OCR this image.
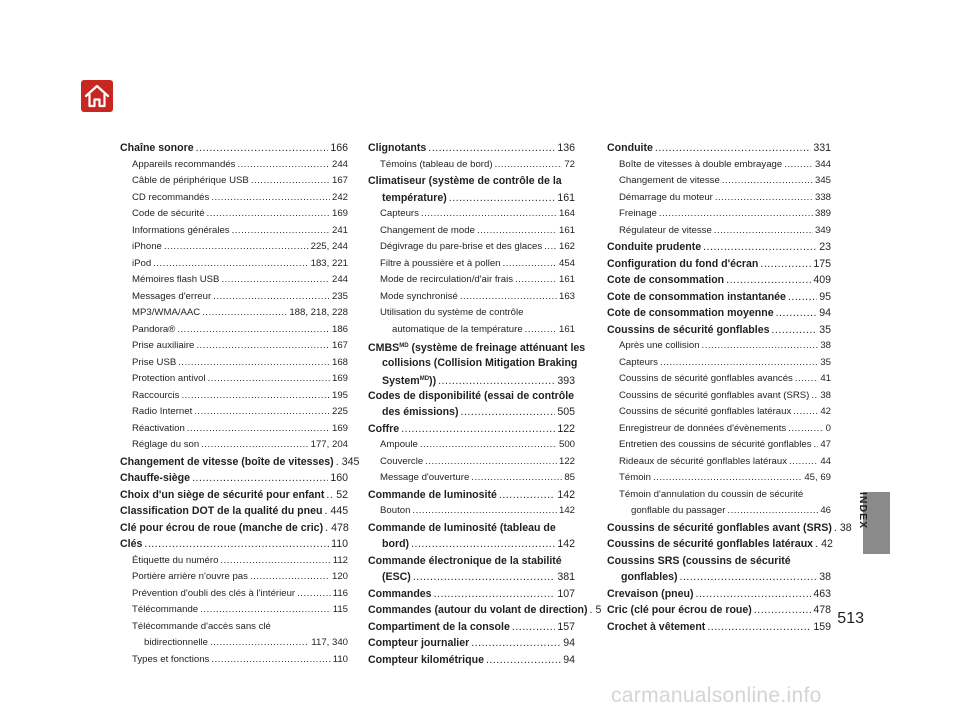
Chaîne sonore .....	166
Appareils recommandés .....	244
Câble de périphérique USB .....	167
CD recommandés .....	242
Code de sécurité .....	169
Informations générales .....	241
iPhone .....	225, 244
iPod .....	183, 221
Mémoires flash USB .....	244
Messages d'erreur .....	235
MP3/WMA/AAC .....	188, 218, 228
Pandora® .....	186
Prise auxiliaire .....	167
Prise USB .....	168
Protection antivol .....	169
Raccourcis .....	195
Radio Internet .....	225
Réactivation .....	169
Réglage du son .....	177, 204
Changement de vitesse (boîte de vitesses) ..... 345
Chauffe-siège .....	160
Choix d'un siège de sécurité pour enfant ..... 52
Classification DOT de la qualité du pneu ..... 445
Clé pour écrou de roue (manche de cric) ..... 478
Clés .....	110
Étiquette du numéro .....	112
Portière arrière n'ouvre pas .....	120
Prévention d'oubli des clés à l'intérieur .....	116
Télécommande .....	115
Télécommande d'accès sans clé
bidirectionnelle .....	117, 340
Types et fonctions .....	110
Clignotants .....	136
Témoins (tableau de bord) .....	72
Climatiseur (système de contrôle de la
température) .....	161
Capteurs .....	164
Changement de mode .....	161
Dégivrage du pare-brise et des glaces ..... 162
Filtre à poussière et à pollen .....	454
Mode de recirculation/d'air frais .....	161
Mode synchronisé .....	163
Utilisation du système de contrôle
automatique de la température .....	161
$CMBS^{MD}$ (système de freinage atténuant les
collisions (Collision Mitigation Braking
System$^{MD}$)) .....	393
Codes de disponibilité (essai de contrôle
des émissions) .....	505
Coffre .....	122
Ampoule .....	500
Couvercle .....	122
Message d'ouverture .....	85
Commande de luminosité .....	142
Bouton .....	142
Commande de luminosité (tableau de
bord) .....	142
Commande électronique de la stabilité
(ESC) .....	381
Commandes .....	107
Commandes (autour du volant de direction) ..... 5
Compartiment de la console .....	157
Compteur journalier .....	94
Compteur kilométrique .....	94
Conduite .....	331
Boîte de vitesses à double embrayage .....	344
Changement de vitesse .....	345
Démarrage du moteur .....	338
Freinage .....	389
Régulateur de vitesse .....	349
Conduite prudente .....	23
Configuration du fond d'écran .....	175
Cote de consommation .....	409
Cote de consommation instantanée .....	95
Cote de consommation moyenne .....	94
Coussins de sécurité gonflables .....	35
Après une collision .....	38
Capteurs .....	35
Coussins de sécurité gonflables avancés .....	41
Coussins de sécurité gonflables avant (SRS) ..... 38
Coussins de sécurité gonflables latéraux .....	42
Enregistreur de données d'évènements .....	0
Entretien des coussins de sécurité gonflables ..... 47
Rideaux de sécurité gonflables latéraux .....	44
Témoin .....	45, 69
Témoin d'annulation du coussin de sécurité
gonflable du passager .....	46
Coussins de sécurité gonflables avant (SRS) ..... 38
Coussins de sécurité gonflables latéraux ..... 42
Coussins SRS (coussins de sécurité
gonflables) .....	38
Crevaison (pneu) .....	463
Cric (clé pour écrou de roue) .....	478
Crochet à vêtement .....	159
INDEX
513
carmanualsonline.info
